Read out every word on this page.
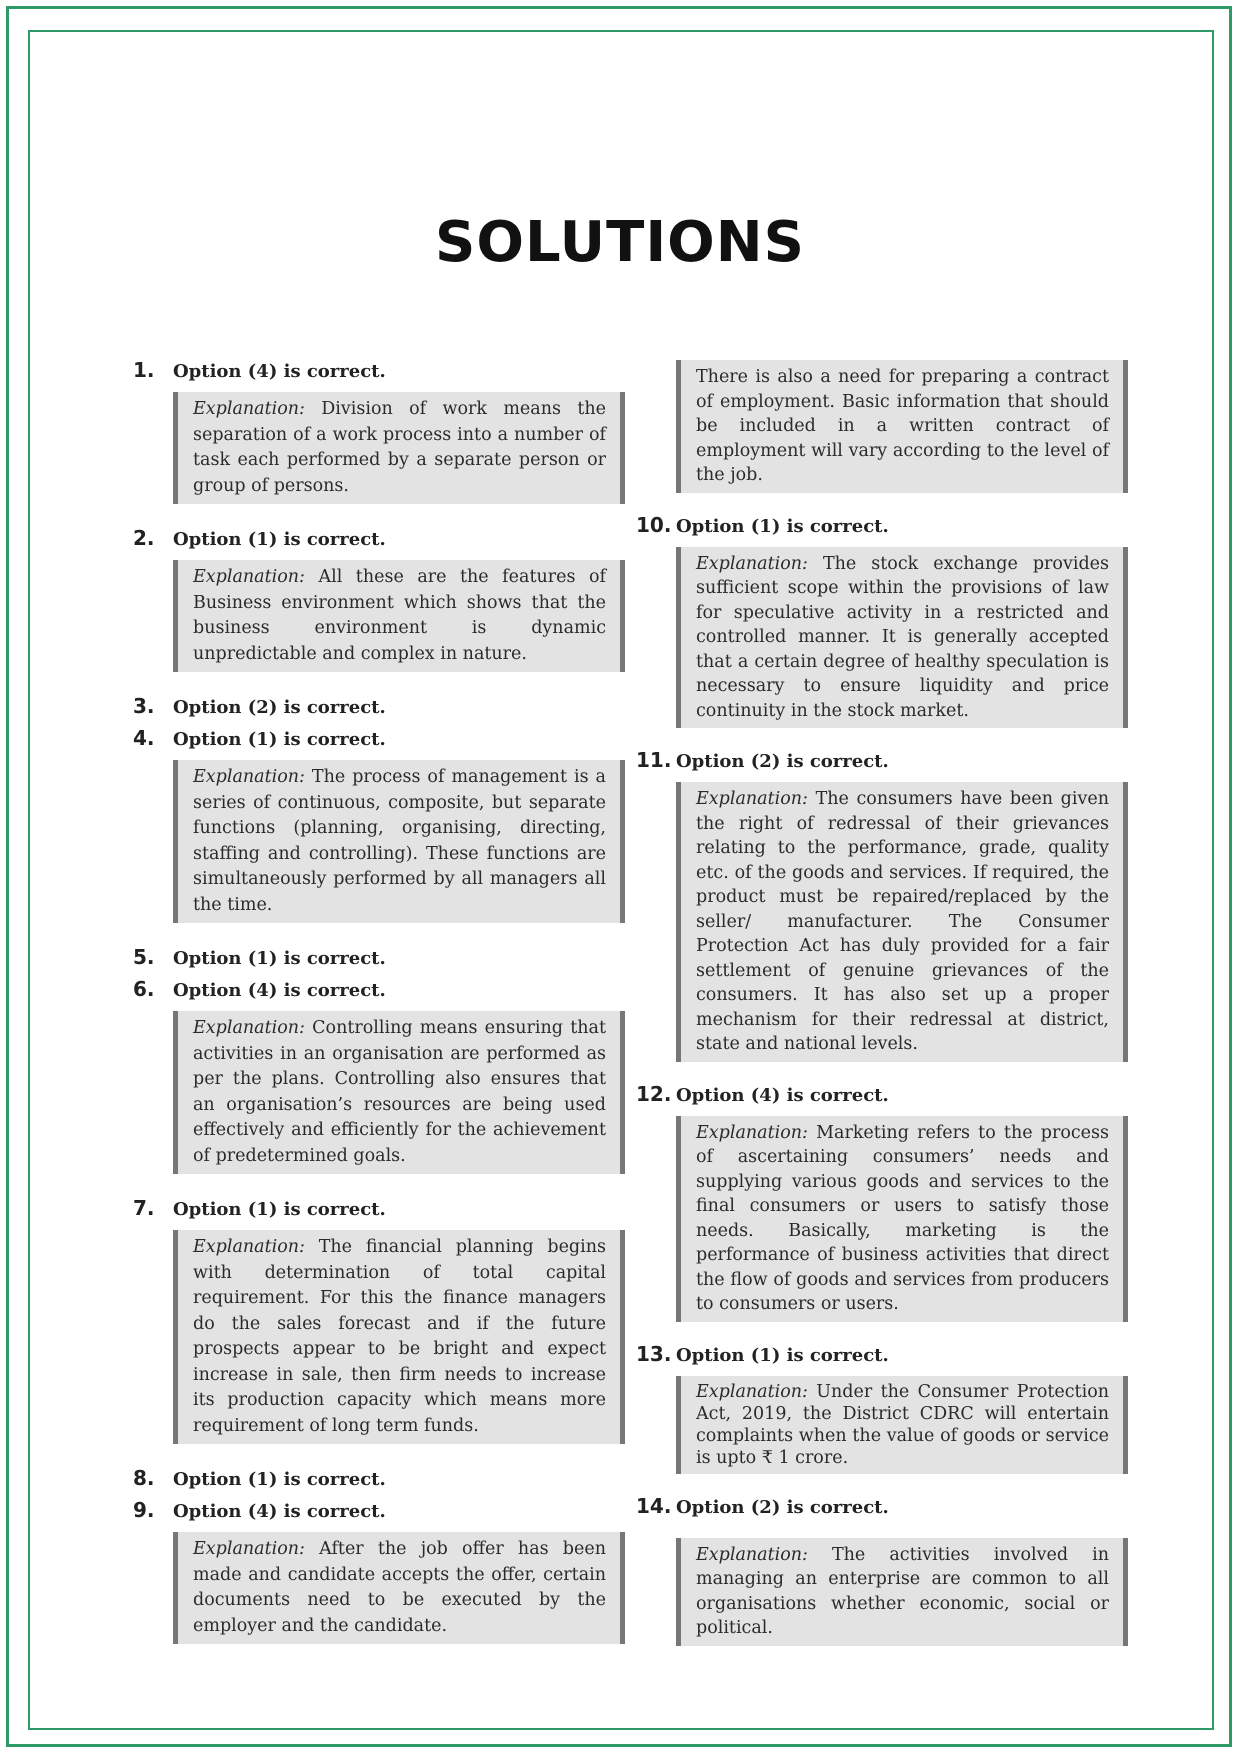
SOLUTIONS
1.	Option (4) is correct.
Explanation: Division of work means the separation of a work process into a number of task each performed by a separate person or group of persons.
2.	Option (1) is correct.
Explanation: All these are the features of Business environment which shows that the business environment is dynamic unpredictable and complex in nature.
3.	Option (2) is correct.
4.	Option (1) is correct.
Explanation: The process of management is a series of continuous, composite, but separate functions (planning, organising, directing, staffing and controlling). These functions are simultaneously performed by all managers all the time.
5.	Option (1) is correct.
6.	Option (4) is correct.
Explanation: Controlling means ensuring that activities in an organisation are performed as per the plans. Controlling also ensures that an organisation’s resources are being used effectively and efficiently for the achievement of predetermined goals.
7.	Option (1) is correct.
Explanation: The financial planning begins with determination of total capital requirement. For this the finance managers do the sales forecast and if the future prospects appear to be bright and expect increase in sale, then firm needs to increase its production capacity which means more requirement of long term funds.
8.	Option (1) is correct.
9.	Option (4) is correct.
Explanation: After the job offer has been made and candidate accepts the offer, certain documents need to be executed by the employer and the candidate.
There is also a need for preparing a contract of employment. Basic information that should be included in a written contract of employment will vary according to the level of the job.
10. Option (1) is correct.
Explanation: The stock exchange provides sufficient scope within the provisions of law for speculative activity in a restricted and controlled manner. It is generally accepted that a certain degree of healthy speculation is necessary to ensure liquidity and price continuity in the stock market.
11. Option (2) is correct.
Explanation: The consumers have been given the right of redressal of their grievances relating to the performance, grade, quality etc. of the goods and services. If required, the product must be repaired/replaced by the seller/ manufacturer. The Consumer Protection Act has duly provided for a fair settlement of genuine grievances of the consumers. It has also set up a proper mechanism for their redressal at district, state and national levels.
12. Option (4) is correct.
Explanation: Marketing refers to the process of ascertaining consumers’ needs and supplying various goods and services to the final consumers or users to satisfy those needs. Basically, marketing is the performance of business activities that direct the flow of goods and services from producers to consumers or users.
13. Option (1) is correct.
Explanation: Under the Consumer Protection Act, 2019, the District CDRC will entertain complaints when the value of goods or service is upto ₹ 1 crore.
14. Option (2) is correct.
Explanation: The activities involved in managing an enterprise are common to all organisations whether economic, social or political.
